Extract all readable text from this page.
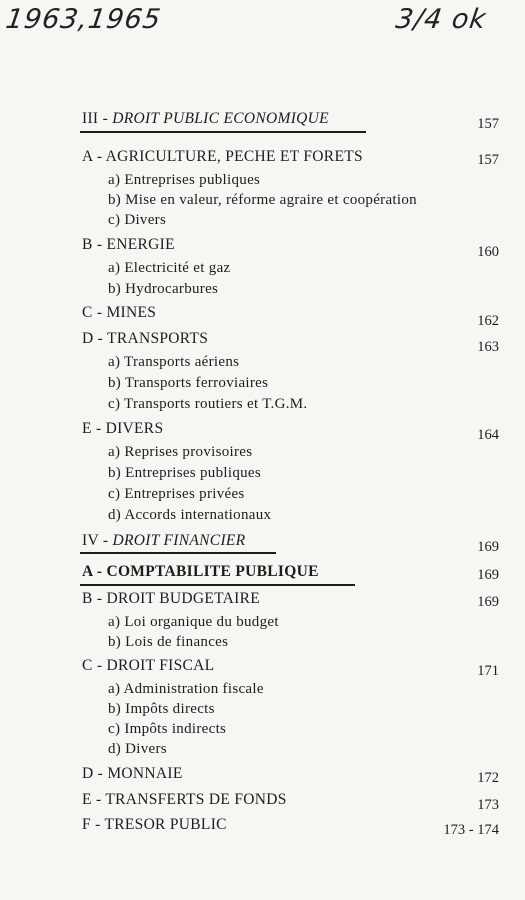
1963,1965	3/4 ok
III - DROIT PUBLIC ECONOMIQUE	157
A - AGRICULTURE, PECHE ET FORETS	157
a) Entreprises publiques
b) Mise en valeur, réforme agraire et coopération
c) Divers
B - ENERGIE	160
a) Electricité et gaz
b) Hydrocarbures
C - MINES	162
D - TRANSPORTS	163
a) Transports aériens
b) Transports ferroviaires
c) Transports routiers et T.G.M.
E - DIVERS	164
a) Reprises provisoires
b) Entreprises publiques
c) Entreprises privées
d) Accords internationaux
IV - DROIT FINANCIER	169
A - COMPTABILITE PUBLIQUE	169
B - DROIT BUDGETAIRE	169
a) Loi organique du budget
b) Lois de finances
C - DROIT FISCAL	171
a) Administration fiscale
b) Impôts directs
c) Impôts indirects
d) Divers
D - MONNAIE	172
E - TRANSFERTS DE FONDS	173
F - TRESOR PUBLIC	173 - 174
